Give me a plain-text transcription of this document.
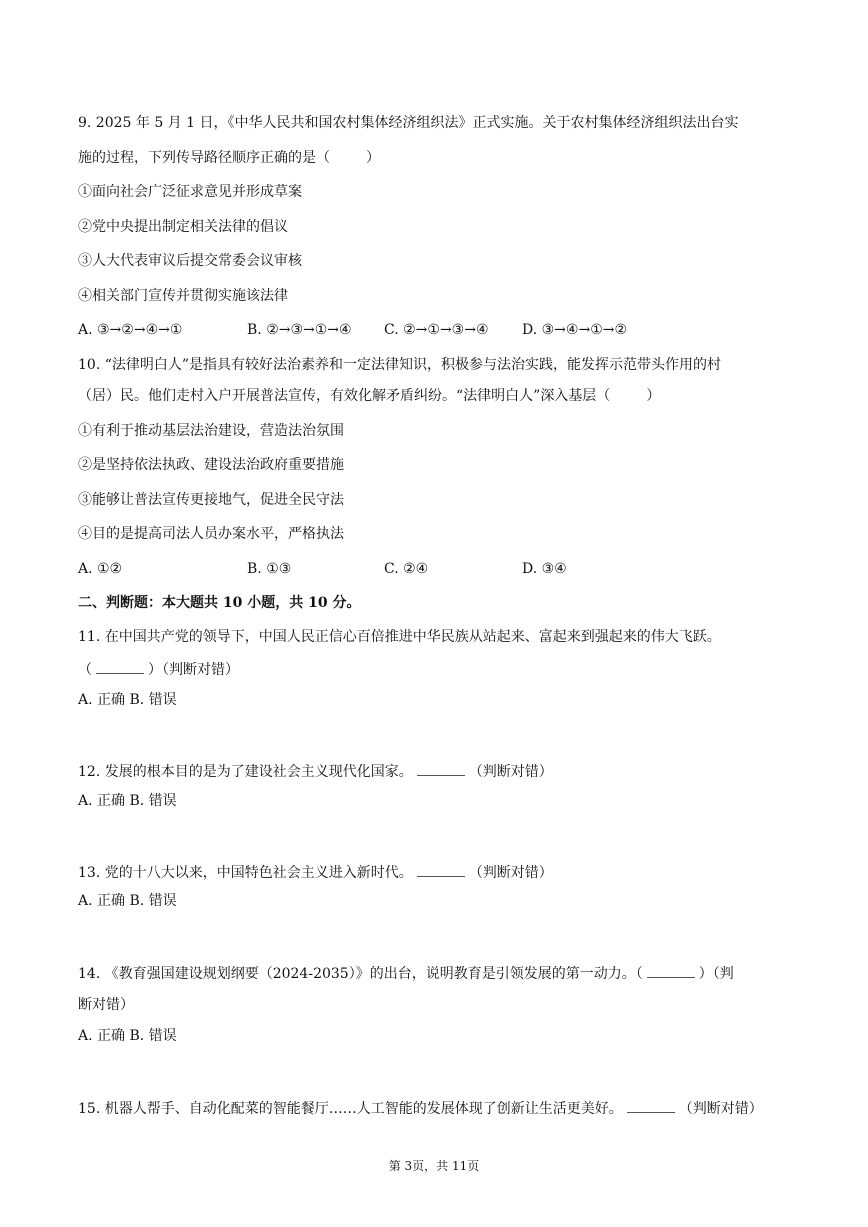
9. 2025 年 5 月 1 日，《中华人民共和国农村集体经济组织法》正式实施。关于农村集体经济组织法出台实
施的过程，下列传导路径顺序正确的是（	）
①面向社会广泛征求意见并形成草案
②党中央提出制定相关法律的倡议
③人大代表审议后提交常委会议审核
④相关部门宣传并贯彻实施该法律
A. ③→②→④→①	B. ②→③→①→④ C. ②→①→③→④ D. ③→④→①→②
10. “法律明白人”是指具有较好法治素养和一定法律知识，积极参与法治实践，能发挥示范带头作用的村
（居）民。他们走村入户开展普法宣传，有效化解矛盾纠纷。“法律明白人”深入基层（	）
①有利于推动基层法治建设，营造法治氛围
②是坚持依法执政、建设法治政府重要措施
③能够让普法宣传更接地气，促进全民守法
④目的是提高司法人员办案水平，严格执法
A. ①②	B. ①③	C. ②④	D. ③④
二、判断题：本大题共 10 小题，共 10 分。
11. 在中国共产党的领导下，中国人民正信心百倍推进中华民族从站起来、富起来到强起来的伟大飞跃。
（	）（判断对错）
A. 正确 B. 错误
12. 发展的根本目的是为了建设社会主义现代化国家。	（判断对错）
A. 正确 B. 错误
13. 党的十八大以来，中国特色社会主义进入新时代。	（判断对错）
A. 正确 B. 错误
14. 《教育强国建设规划纲要（2024-2035）》的出台，说明教育是引领发展的第一动力。（	）（判
断对错）
A. 正确 B. 错误
15. 机器人帮手、自动化配菜的智能餐厅……人工智能的发展体现了创新让生活更美好。	（判断对错）
第 3页，共 11页
